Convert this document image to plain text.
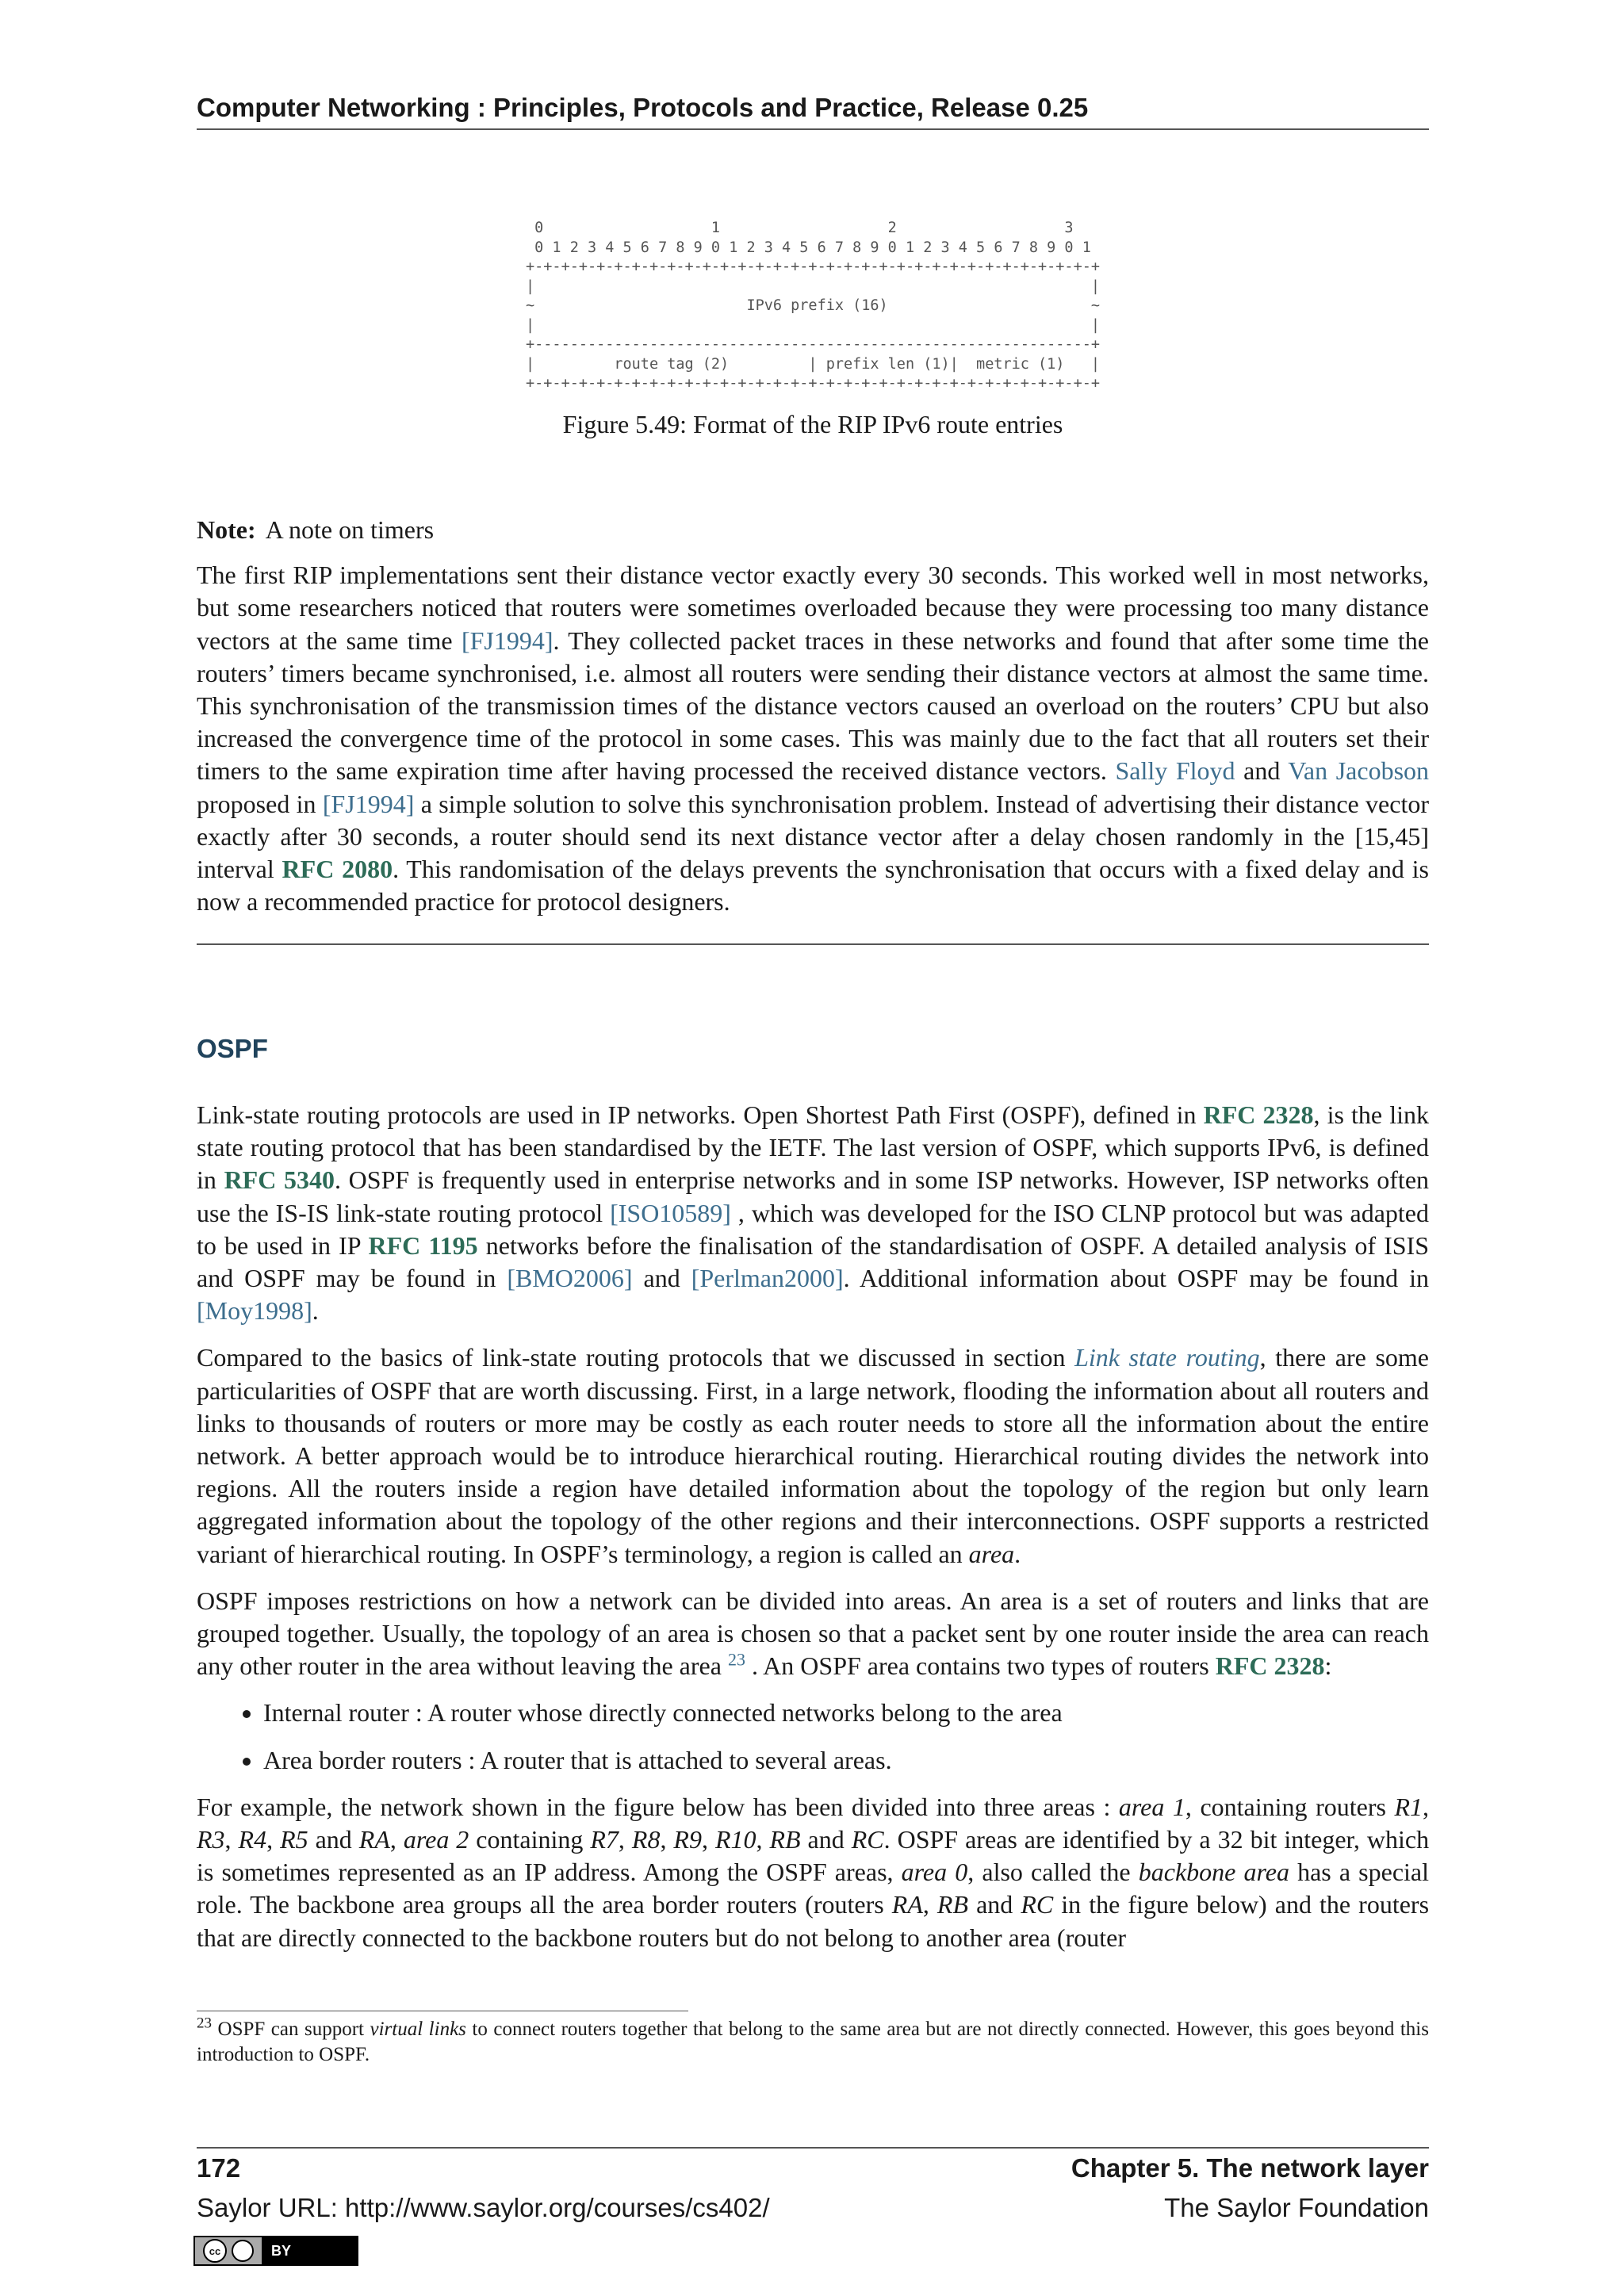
Computer Networking : Principles, Protocols and Practice, Release 0.25
0                   1                   2                   3
0 1 2 3 4 5 6 7 8 9 0 1 2 3 4 5 6 7 8 9 0 1 2 3 4 5 6 7 8 9 0 1
+-+-+-+-+-+-+-+-+-+-+-+-+-+-+-+-+-+-+-+-+-+-+-+-+-+-+-+-+-+-+-+-+
|                                                               |
~                        IPv6 prefix (16)                       ~
|                                                               |
+---------------------------------------------------------------+
|         route tag (2)         | prefix len (1)|  metric (1)   |
+-+-+-+-+-+-+-+-+-+-+-+-+-+-+-+-+-+-+-+-+-+-+-+-+-+-+-+-+-+-+-+-+
Figure 5.49: Format of the RIP IPv6 route entries
Note: A note on timers

The first RIP implementations sent their distance vector exactly every 30 seconds. This worked well in most networks, but some researchers noticed that routers were sometimes overloaded because they were processing too many distance vectors at the same time [FJ1994]. They collected packet traces in these networks and found that after some time the routers’ timers became synchronised, i.e. almost all routers were sending their distance vectors at almost the same time. This synchronisation of the transmission times of the distance vectors caused an overload on the routers’ CPU but also increased the convergence time of the protocol in some cases. This was mainly due to the fact that all routers set their timers to the same expiration time after having processed the received distance vectors. Sally Floyd and Van Jacobson proposed in [FJ1994] a simple solution to solve this synchronisation problem. Instead of advertising their distance vector exactly after 30 seconds, a router should send its next distance vector after a delay chosen randomly in the [15,45] interval RFC 2080. This randomisation of the delays prevents the synchronisation that occurs with a fixed delay and is now a recommended practice for protocol designers.

OSPF

Link-state routing protocols are used in IP networks. Open Shortest Path First (OSPF), defined in RFC 2328, is the link state routing protocol that has been standardised by the IETF. The last version of OSPF, which supports IPv6, is defined in RFC 5340. OSPF is frequently used in enterprise networks and in some ISP networks. However, ISP networks often use the IS-IS link-state routing protocol [ISO10589] , which was developed for the ISO CLNP protocol but was adapted to be used in IP RFC 1195 networks before the finalisation of the standardisation of OSPF. A detailed analysis of ISIS and OSPF may be found in [BMO2006] and [Perlman2000]. Additional information about OSPF may be found in [Moy1998].

Compared to the basics of link-state routing protocols that we discussed in section Link state routing, there are some particularities of OSPF that are worth discussing. First, in a large network, flooding the information about all routers and links to thousands of routers or more may be costly as each router needs to store all the information about the entire network. A better approach would be to introduce hierarchical routing. Hierarchical routing divides the network into regions. All the routers inside a region have detailed information about the topology of the region but only learn aggregated information about the topology of the other regions and their interconnections. OSPF supports a restricted variant of hierarchical routing. In OSPF’s terminology, a region is called an area.

OSPF imposes restrictions on how a network can be divided into areas. An area is a set of routers and links that are grouped together. Usually, the topology of an area is chosen so that a packet sent by one router inside the area can reach any other router in the area without leaving the area $^{23}$ . An OSPF area contains two types of routers RFC 2328:

• Internal router : A router whose directly connected networks belong to the area
• Area border routers : A router that is attached to several areas.

For example, the network shown in the figure below has been divided into three areas : area 1, containing routers R1, R3, R4, R5 and RA, area 2 containing R7, R8, R9, R10, RB and RC. OSPF areas are identified by a 32 bit integer, which is sometimes represented as an IP address. Among the OSPF areas, area 0, also called the backbone area has a special role. The backbone area groups all the area border routers (routers RA, RB and RC in the figure below) and the routers that are directly connected to the backbone routers but do not belong to another area (router

$^{23}$ OSPF can support virtual links to connect routers together that belong to the same area but are not directly connected. However, this goes beyond this introduction to OSPF.
172	Chapter 5. The network layer
Saylor URL: http://www.saylor.org/courses/cs402/	The Saylor Foundation
cc	BY
